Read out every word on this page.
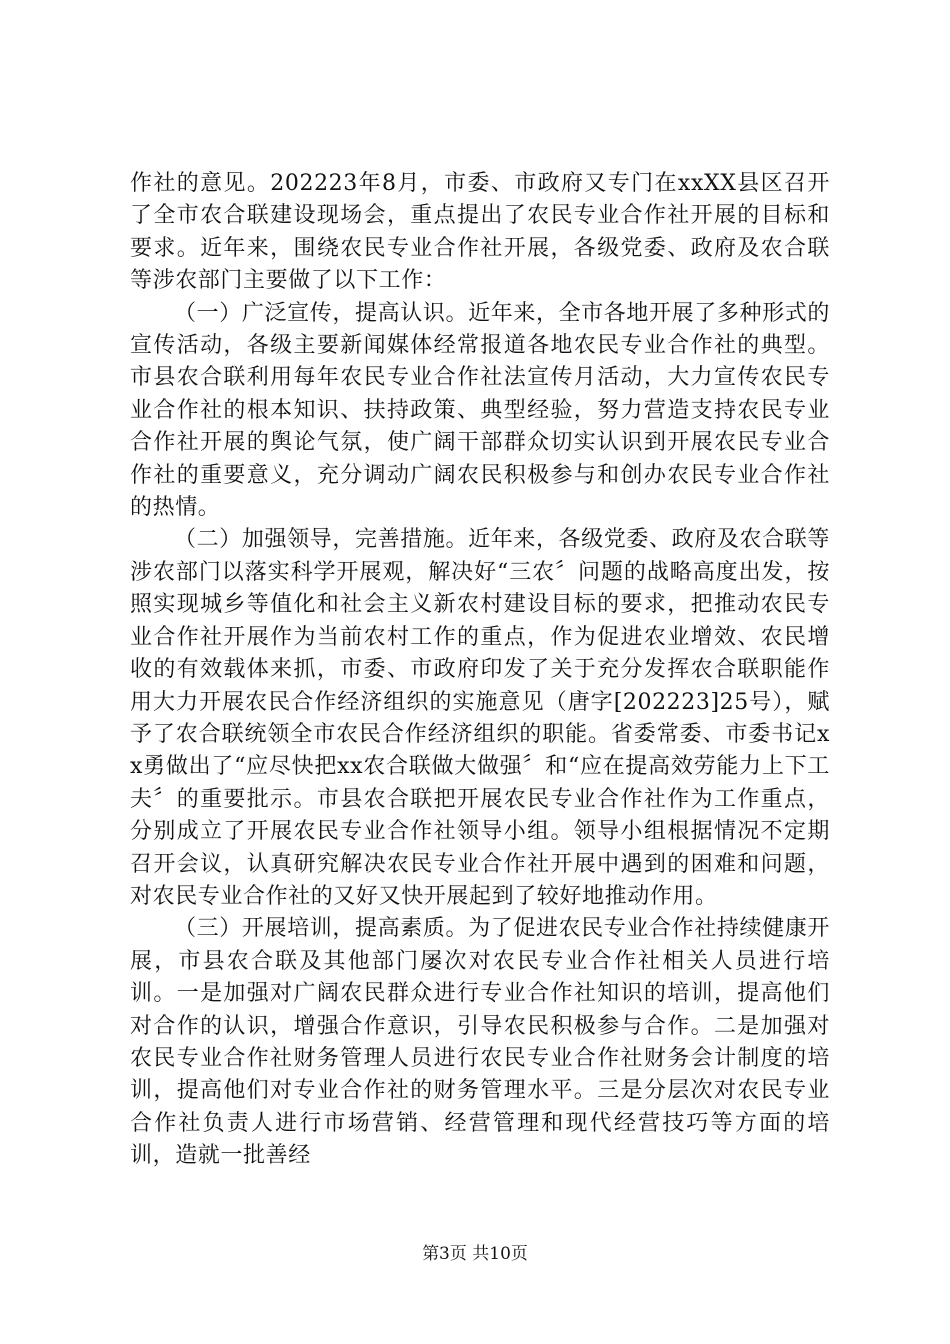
作社的意见。202223年8月，市委、市政府又专门在xxXX县区召开了全市农合联建设现场会，重点提出了农民专业合作社开展的目标和要求。近年来，围绕农民专业合作社开展，各级党委、政府及农合联等涉农部门主要做了以下工作：

（一）广泛宣传，提高认识。近年来，全市各地开展了多种形式的宣传活动，各级主要新闻媒体经常报道各地农民专业合作社的典型。市县农合联利用每年农民专业合作社法宣传月活动，大力宣传农民专业合作社的根本知识、扶持政策、典型经验，努力营造支持农民专业合作社开展的舆论气氛，使广阔干部群众切实认识到开展农民专业合作社的重要意义，充分调动广阔农民积极参与和创办农民专业合作社的热情。

（二）加强领导，完善措施。近年来，各级党委、政府及农合联等涉农部门以落实科学开展观，解决好“三农〞问题的战略高度出发，按照实现城乡等值化和社会主义新农村建设目标的要求，把推动农民专业合作社开展作为当前农村工作的重点，作为促进农业增效、农民增收的有效载体来抓，市委、市政府印发了关于充分发挥农合联职能作用大力开展农民合作经济组织的实施意见（唐字[202223]25号），赋予了农合联统领全市农民合作经济组织的职能。省委常委、市委书记xx勇做出了“应尽快把xx农合联做大做强〞和“应在提高效劳能力上下工夫〞的重要批示。市县农合联把开展农民专业合作社作为工作重点，分别成立了开展农民专业合作社领导小组。领导小组根据情况不定期召开会议，认真研究解决农民专业合作社开展中遇到的困难和问题，对农民专业合作社的又好又快开展起到了较好地推动作用。

（三）开展培训，提高素质。为了促进农民专业合作社持续健康开展，市县农合联及其他部门屡次对农民专业合作社相关人员进行培训。一是加强对广阔农民群众进行专业合作社知识的培训，提高他们对合作的认识，增强合作意识，引导农民积极参与合作。二是加强对农民专业合作社财务管理人员进行农民专业合作社财务会计制度的培训，提高他们对专业合作社的财务管理水平。三是分层次对农民专业合作社负责人进行市场营销、经营管理和现代经营技巧等方面的培训，造就一批善经

第3页 共10页
